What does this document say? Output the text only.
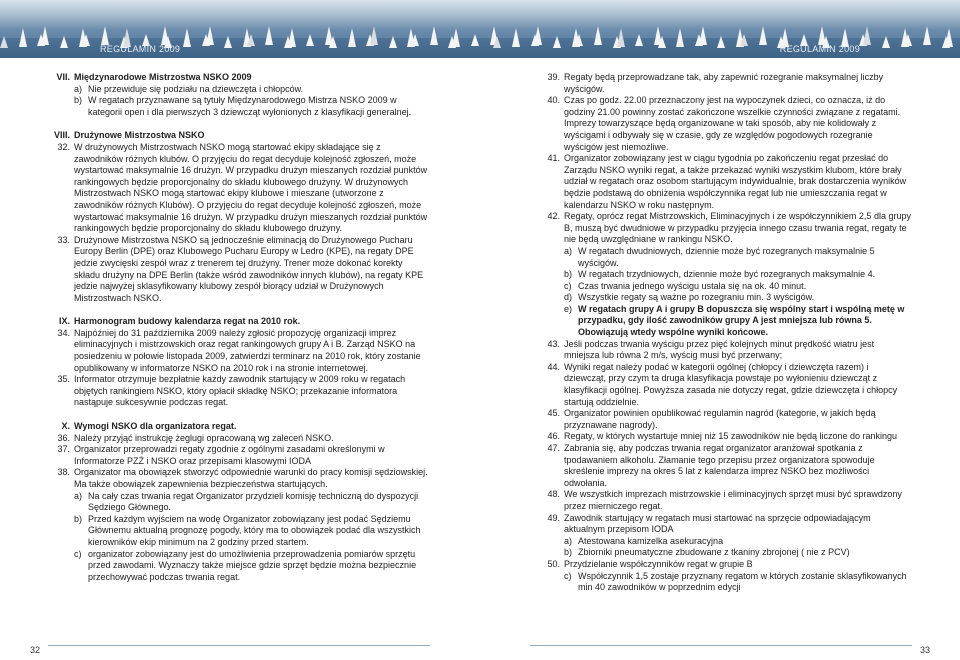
REGULAMIN 2009	REGULAMIN 2009
VII. Międzynarodowe Mistrzostwa NSKO 2009
a) Nie przewiduje się podziału na dziewczęta i chłopców.
b) W regatach przyznawane są tytuły Międzynarodowego Mistrza NSKO 2009 w kategorii open i dla pierwszych 3 dziewcząt wyłonionych z klasyfikacji generalnej.
VIII. Drużynowe Mistrzostwa NSKO
32. W drużynowych Mistrzostwach NSKO mogą startować ekipy składające się z zawodników różnych klubów. O przyjęciu do regat decyduje kolejność zgłoszeń, może wystartować maksymalnie 16 drużyn. W przypadku drużyn mieszanych rozdział punktów rankingowych będzie proporcjonalny do składu klubowego drużyny. W drużynowych Mistrzostwach NSKO mogą startować ekipy klubowe i mieszane (utworzone z zawodników różnych Klubów). O przyjęciu do regat decyduje kolejność zgłoszeń, może wystartować maksymalnie 16 drużyn. W przypadku drużyn mieszanych rozdział punktów rankingowych będzie proporcjonalny do składu klubowego drużyny.
33. Drużynowe Mistrzostwa NSKO są jednocześnie eliminacją do Drużynowego Pucharu Europy Berlin (DPE) oraz Klubowego Pucharu Europy w Ledro (KPE), na regaty DPE jedzie zwycięski zespół wraz z trenerem tej drużyny. Trener może dokonać korekty składu drużyny na DPE Berlin (także wśród zawodników innych klubów), na regaty KPE jedzie najwyżej sklasyfikowany klubowy zespół biorący udział w Drużynowych Mistrzostwach NSKO.
IX. Harmonogram budowy kalendarza regat na 2010 rok.
34. Najpóźniej do 31 października 2009 należy zgłosić propozycję organizacji imprez eliminacyjnych i mistrzowskich oraz regat rankingowych grupy A i B. Zarząd NSKO na posiedzeniu w połowie listopada 2009, zatwierdzi terminarz na 2010 rok, który zostanie opublikowany w informatorze NSKO na 2010 rok i na stronie internetowej.
35. Informator otrzymuje bezpłatnie każdy zawodnik startujący w 2009 roku w regatach objętych rankingiem NSKO, który opłacił składkę NSKO; przekazanie informatora nastąpuje sukcesywnie podczas regat.
X. Wymogi NSKO dla organizatora regat.
36. Należy przyjąć instrukcję żeglugi opracowaną wg zaleceń NSKO.
37. Organizator przeprowadzi regaty zgodnie z ogólnymi zasadami określonymi w Informatorze PZŻ i NSKO oraz przepisami klasowymi IODA
38. Organizator ma obowiązek stworzyć odpowiednie warunki do pracy komisji sędziowskiej. Ma także obowiązek zapewnienia bezpieczeństwa startujących.
a) Na cały czas trwania regat Organizator przydzieli komisję techniczną do dyspozycji Sędziego Głównego.
b) Przed każdym wyjściem na wodę Organizator zobowiązany jest podać Sędziemu Głównemu aktualną prognozę pogody, który ma to obowiązek podać dla wszystkich kierowników ekip minimum na 2 godziny przed startem.
c) organizator zobowiązany jest do umożliwienia przeprowadzenia pomiarów sprzętu przed zawodami. Wyznaczy także miejsce gdzie sprzęt będzie można bezpiecznie przechowywać podczas trwania regat.
39. Regaty będą przeprowadzane tak, aby zapewnić rozegranie maksymalnej liczby wyścigów.
40. Czas po godz. 22.00 przeznaczony jest na wypoczynek dzieci, co oznacza, iż do godziny 21.00 powinny zostać zakończone wszelkie czynności związane z regatami. Imprezy towarzyszące będą organizowane w taki sposób, aby nie kolidowały z wyścigami i odbywały się w czasie, gdy ze względów pogodowych rozegranie wyścigów jest niemożliwe.
41. Organizator zobowiązany jest w ciągu tygodnia po zakończeniu regat przesłać do Zarządu NSKO wyniki regat, a także przekazać wyniki wszystkim klubom, które brały udział w regatach oraz osobom startującym indywidualnie, brak dostarczenia wyników będzie podstawą do obniżenia współczynnika regat lub nie umieszczania regat w kalendarzu NSKO w roku następnym.
42. Regaty, oprócz regat Mistrzowskich, Eliminacyjnych i ze współczynnikiem 2,5 dla grupy B, muszą być dwudniowe w przypadku przyjęcia innego czasu trwania regat, regaty te nie będą uwzględniane w rankingu NSKO.
a) W regatach dwudniowych, dziennie może być rozegranych maksymalnie 5 wyścigów.
b) W regatach trzydniowych, dziennie może być rozegranych maksymalnie 4.
c) Czas trwania jednego wyścigu ustala się na ok. 40 minut.
d) Wszystkie regaty są ważne po rozegraniu min. 3 wyścigów.
e) W regatach grupy A i grupy B dopuszcza się wspólny start i wspólną metę w przypadku, gdy ilość zawodników grupy A jest mniejsza lub równa 5. Obowiązują wtedy wspólne wyniki końcowe.
43. Jeśli podczas trwania wyścigu przez pięć kolejnych minut prędkość wiatru jest mniejsza lub równa 2 m/s, wyścig musi być przerwany;
44. Wyniki regat należy podać w kategorii ogólnej (chłopcy i dziewczęta razem) i dziewcząt, przy czym ta druga klasyfikacja powstaje po wyłonieniu dziewcząt z klasyfikacji ogólnej. Powyższa zasada nie dotyczy regat, gdzie dziewczęta i chłopcy startują oddzielnie.
45. Organizator powinien opublikować regulamin nagród (kategorie, w jakich będą przyznawane nagrody).
46. Regaty, w których wystartuje mniej niż 15 zawodników nie będą liczone do rankingu
47. Zabrania się, aby podczas trwania regat organizator aranżował spotkania z tpodawaniem alkoholu. Złamanie tego przepisu przez organizatora spowoduje skreślenie imprezy na okres 5 lat z kalendarza imprez NSKO bez możliwości odwołania.
48. We wszystkich imprezach mistrzowskie i eliminacyjnych sprzęt musi być sprawdzony przez mierniczego regat.
49. Zawodnik startujący w regatach musi startować na sprzęcie odpowiadającym aktualnym przepisom IODA
a) Atestowana kamizelka asekuracyjna
b) Zbiorniki pneumatyczne zbudowane z tkaniny zbrojonej ( nie z PCV)
50. Przydzielanie współczynników regat w grupie B
c) Współczynnik 1,5 zostaje przyznany regatom w których zostanie sklasyfikowanych min 40 zawodników w poprzednim edycji
32	33
